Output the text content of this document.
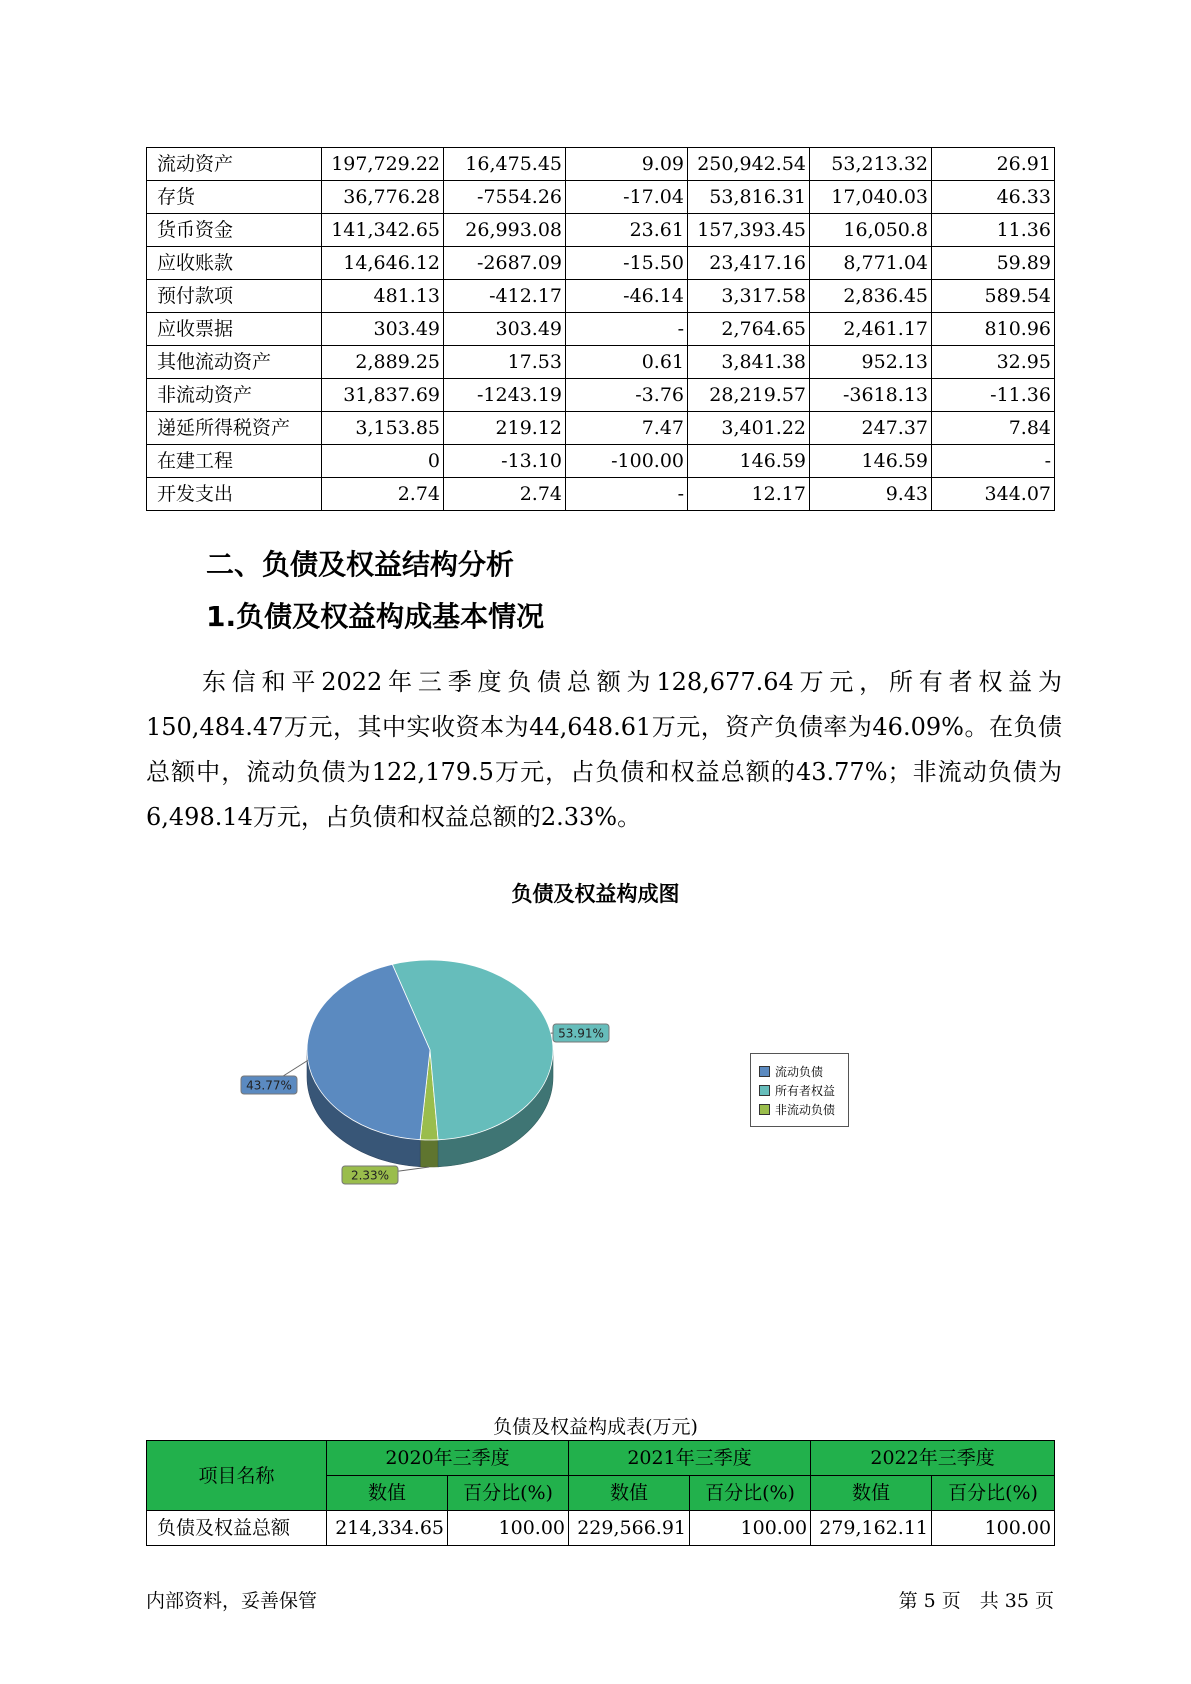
流动资产	197,729.22	16,475.45	9.09	250,942.54	53,213.32	26.91
存货	36,776.28	-7554.26	-17.04	53,816.31	17,040.03	46.33
货币资金	141,342.65	26,993.08	23.61	157,393.45	16,050.8	11.36
应收账款	14,646.12	-2687.09	-15.50	23,417.16	8,771.04	59.89
预付款项	481.13	-412.17	-46.14	3,317.58	2,836.45	589.54
应收票据	303.49	303.49	-	2,764.65	2,461.17	810.96
其他流动资产	2,889.25	17.53	0.61	3,841.38	952.13	32.95
非流动资产	31,837.69	-1243.19	-3.76	28,219.57	-3618.13	-11.36
递延所得税资产	3,153.85	219.12	7.47	3,401.22	247.37	7.84
在建工程	0	-13.10	-100.00	146.59	146.59	-
开发支出	2.74	2.74	-	12.17	9.43	344.07
二、负债及权益结构分析
1.负债及权益构成基本情况

东信和平2022年三季度负债总额为128,677.64万元，所有者权益为150,484.47万元，其中实收资本为44,648.61万元，资产负债率为46.09%。在负债总额中，流动负债为122,179.5万元，占负债和权益总额的43.77%；非流动负债为6,498.14万元，占负债和权益总额的2.33%。

负债及权益构成图
2.33%
53.91%
43.77%
流动负债
所有者权益
非流动负债
负债及权益构成表(万元)
项目名称	2020年三季度		2021年三季度		2022年三季度	
	数值	百分比(%)	数值	百分比(%)	数值	百分比(%)
负债及权益总额	214,334.65	100.00	229,566.91	100.00	279,162.11	100.00
内部资料，妥善保管	第 5 页　共 35 页
